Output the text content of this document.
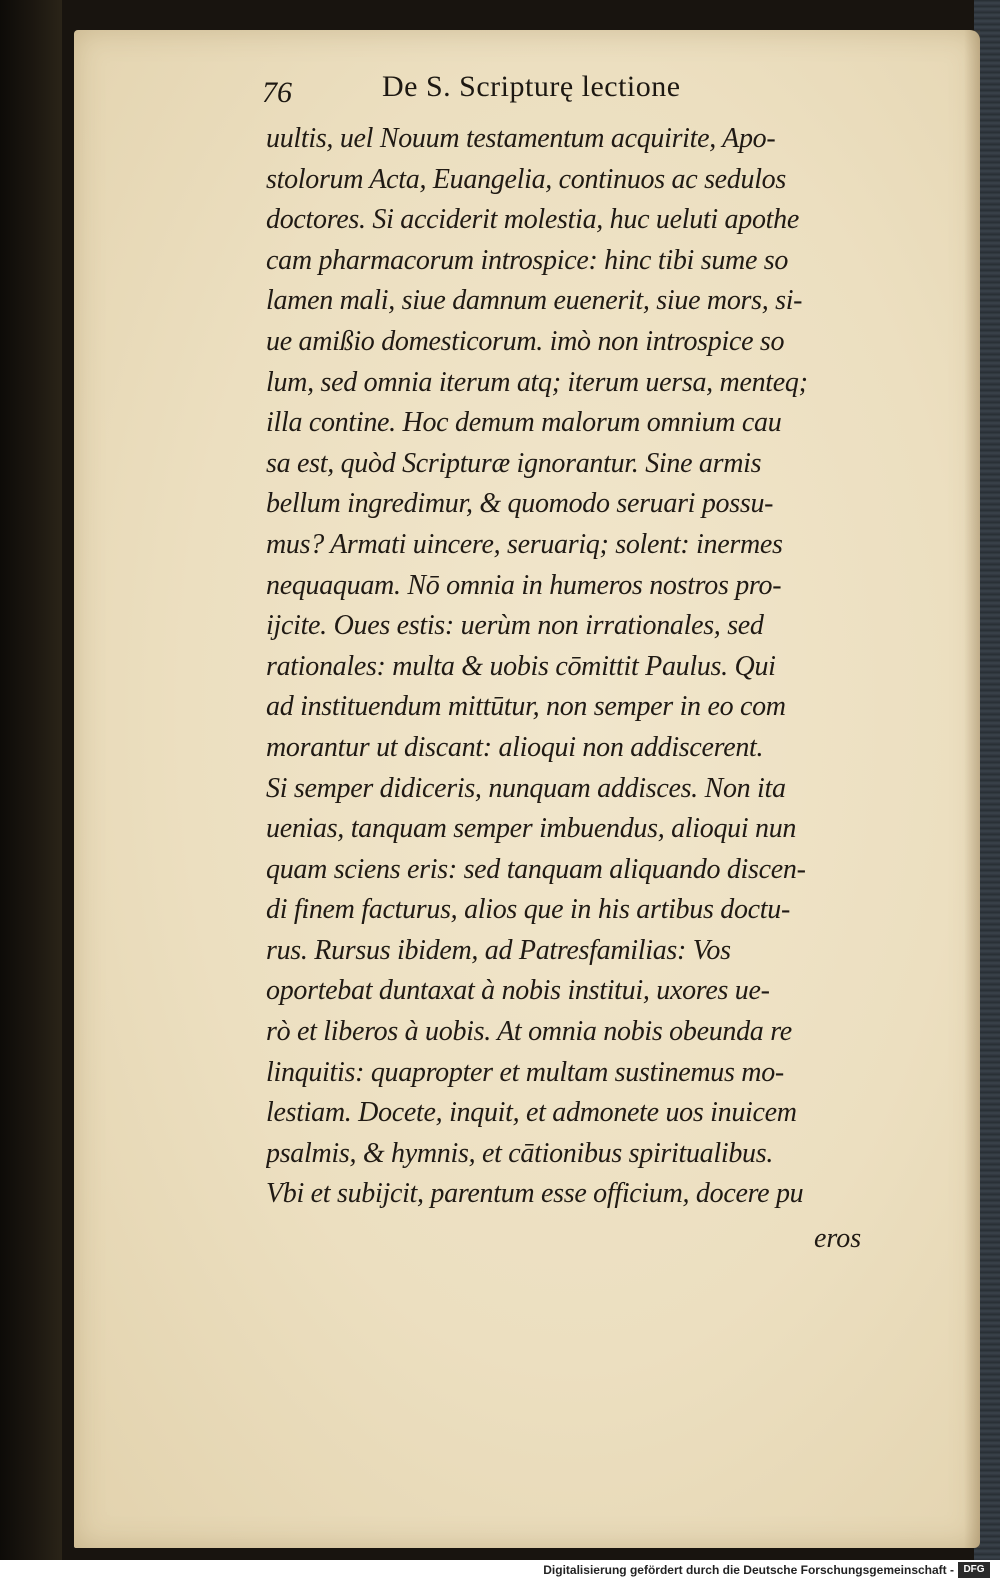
76	De S. Scripturę lectione
uultis, uel Nouum testamentum acquirite, Apo-
stolorum Acta, Euangelia, continuos ac sedulos
doctores. Si acciderit molestia, huc ueluti apothe
cam pharmacorum introspice: hinc tibi sume so
lamen mali, siue damnum euenerit, siue mors, si-
ue amißio domesticorum. imò non introspice so
lum, sed omnia iterum atq; iterum uersa, menteq;
illa contine. Hoc demum malorum omnium cau
sa est, quòd Scripturæ ignorantur. Sine armis
bellum ingredimur, & quomodo seruari possu-
mus? Armati uincere, seruariq; solent: inermes
nequaquam. Nō omnia in humeros nostros pro-
ijcite. Oues estis: uerùm non irrationales, sed
rationales: multa & uobis cōmittit Paulus. Qui
ad instituendum mittūtur, non semper in eo com
morantur ut discant: alioqui non addiscerent.
Si semper didiceris, nunquam addisces. Non ita
uenias, tanquam semper imbuendus, alioqui nun
quam sciens eris: sed tanquam aliquando discen-
di finem facturus, alios que in his artibus doctu-
rus. Rursus ibidem, ad Patresfamilias: Vos
oportebat duntaxat à nobis institui, uxores ue-
rò et liberos à uobis. At omnia nobis obeunda re
linquitis: quapropter et multam sustinemus mo-
lestiam. Docete, inquit, et admonete uos inuicem
psalmis, & hymnis, et cātionibus spiritualibus.
Vbi et subijcit, parentum esse officium, docere pu
eros
Digitalisierung gefördert durch die Deutsche Forschungsgemeinschaft - DFG
